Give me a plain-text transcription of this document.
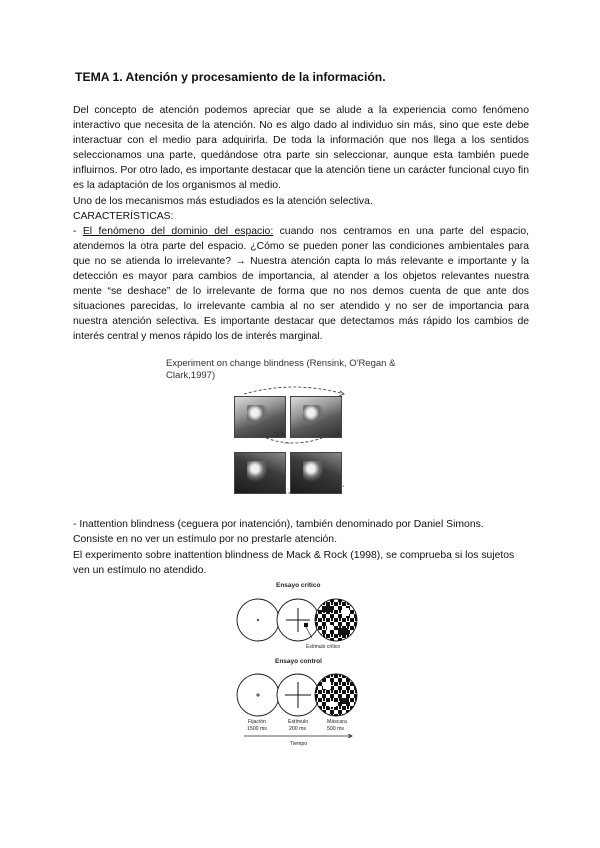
TEMA 1. Atención y procesamiento de la información.

Del concepto de atención podemos apreciar que se alude a la experiencia como fenómeno interactivo que necesita de la atención. No es algo dado al individuo sin más, sino que este debe interactuar con el medio para adquirirla. De toda la información que nos llega a los sentidos seleccionamos una parte, quedándose otra parte sin seleccionar, aunque esta también puede influirnos. Por otro lado, es importante destacar que la atención tiene un carácter funcional cuyo fin es la adaptación de los organismos al medio.

Uno de los mecanismos más estudiados es la atención selectiva.

CARACTERÍSTICAS:

- El fenómeno del dominio del espacio: cuando nos centramos en una parte del espacio, atendemos la otra parte del espacio. ¿Cómo se pueden poner las condiciones ambientales para que no se atienda lo irrelevante? → Nuestra atención capta lo más relevante e importante y la detección es mayor para cambios de importancia, al atender a los objetos relevantes nuestra mente “se deshace” de lo irrelevante de forma que no nos demos cuenta de que ante dos situaciones parecidas, lo irrelevante cambia al no ser atendido y no ser de importancia para nuestra atención selectiva. Es importante destacar que detectamos más rápido los cambios de interés central y menos rápido los de interés marginal.

Experiment on change blindness (Rensink, O'Regan & Clark,1997)
...

- Inattention blindness (ceguera por inatención), también denominado por Daniel Simons.
Consiste en no ver un estímulo por no prestarle atención.

El experimento sobre inattention blindness de Mack & Rock (1998), se comprueba si los sujetos ven un estímulo no atendido.

Ensayo crítico
Estímulo crítico
Ensayo control
Fijación
1500 ms
Estímulo
200 ms
Máscara
500 ms
Tiempo
